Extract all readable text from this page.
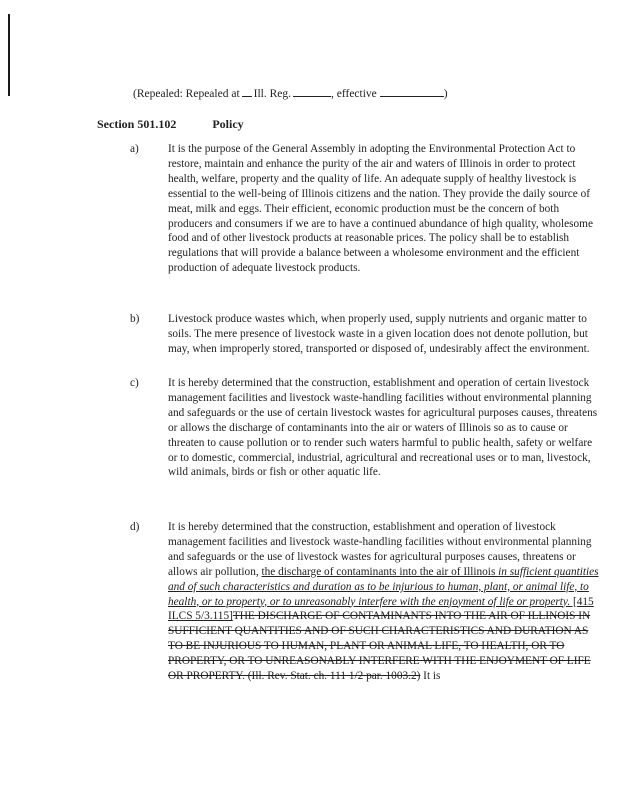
(Repealed: Repealed at Ill. Reg.	, effective	)
Section 501.102	Policy
a)	It is the purpose of the General Assembly in adopting the Environmental Protection Act to restore, maintain and enhance the purity of the air and waters of Illinois in order to protect health, welfare, property and the quality of life. An adequate supply of healthy livestock is essential to the well-being of Illinois citizens and the nation. They provide the daily source of meat, milk and eggs. Their efficient, economic production must be the concern of both producers and consumers if we are to have a continued abundance of high quality, wholesome food and of other livestock products at reasonable prices. The policy shall be to establish regulations that will provide a balance between a wholesome environment and the efficient production of adequate livestock products.
b)	Livestock produce wastes which, when properly used, supply nutrients and organic matter to soils. The mere presence of livestock waste in a given location does not denote pollution, but may, when improperly stored, transported or disposed of, undesirably affect the environment.
c)	It is hereby determined that the construction, establishment and operation of certain livestock management facilities and livestock waste-handling facilities without environmental planning and safeguards or the use of certain livestock wastes for agricultural purposes causes, threatens or allows the discharge of contaminants into the air or waters of Illinois so as to cause or threaten to cause pollution or to render such waters harmful to public health, safety or welfare or to domestic, commercial, industrial, agricultural and recreational uses or to man, livestock, wild animals, birds or fish or other aquatic life.
d)	It is hereby determined that the construction, establishment and operation of livestock management facilities and livestock waste-handling facilities without environmental planning and safeguards or the use of livestock wastes for agricultural purposes causes, threatens or allows air pollution, the discharge of contaminants into the air of Illinois in sufficient quantities and of such characteristics and duration as to be injurious to human, plant, or animal life, to health, or to property, or to unreasonably interfere with the enjoyment of life or property. [415 ILCS 5/3.115]THE DISCHARGE OF CONTAMINANTS INTO THE AIR OF ILLINOIS IN SUFFICIENT QUANTITIES AND OF SUCH CHARACTERISTICS AND DURATION AS TO BE INJURIOUS TO HUMAN, PLANT OR ANIMAL LIFE, TO HEALTH, OR TO PROPERTY, OR TO UNREASONABLY INTERFERE WITH THE ENJOYMENT OF LIFE OR PROPERTY. (Ill. Rev. Stat. ch. 111 1/2 par. 1003.2) It is
